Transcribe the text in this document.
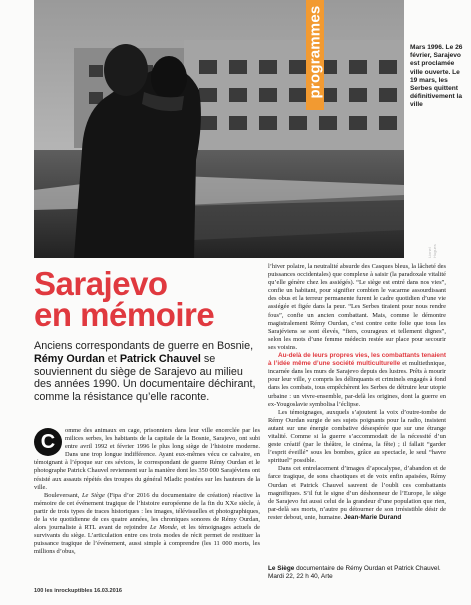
programmes
Lionel Hugues
Mars 1996. Le 26 février, Sarajevo est proclamée ville ouverte. Le 19 mars, les Serbes quittent définitivement la ville
Sarajevo
en mémoire
Anciens correspondants de guerre en Bosnie, Rémy Ourdan et Patrick Chauvel se souviennent du siège de Sarajevo au milieu des années 1990. Un documentaire déchirant, comme la résistance qu’elle raconte.
C

omme des animaux en cage, prisonniers dans leur ville encerclée par les milices serbes, les habitants de la capitale de la Bosnie, Sarajevo, ont subi entre avril 1992 et février 1996 le plus long siège de l’histoire moderne. Dans une trop longue indifférence. Ayant eux-mêmes vécu ce calvaire, en témoignant à l’époque sur ces sévices, le correspondant de guerre Rémy Ourdan et le photographe Patrick Chauvel reviennent sur la manière dont les 350 000 Sarajéviens ont résisté aux assauts répétés des troupes du général Mladic postées sur les hauteurs de la ville.

Bouleversant, Le Siège (Fipa d’or 2016 du documentaire de création) réactive la mémoire de cet événement tragique de l’histoire européenne de la fin du XXe siècle, à partir de trois types de traces historiques : les images, télévisuelles et photographiques, de la vie quotidienne de ces quatre années, les chroniques sonores de Rémy Ourdan, alors journaliste à RTL avant de rejoindre Le Monde, et les témoignages actuels de survivants du siège. L’articulation entre ces trois modes de récit permet de restituer la puissance tragique de l’événement, aussi simple à comprendre (les 11 000 morts, les millions d’obus,

l’hiver polaire, la neutralité absurde des Casques bleus, la lâcheté des puissances occidentales) que complexe à saisir (la paradoxale vitalité qu’elle génère chez les assiégés). “Le siège est entré dans nos vies”, confie un habitant, pour signifier combien le vacarme assourdissant des obus et la terreur permanente furent le cadre quotidien d’une vie assiégée et figée dans la peur. “Les Serbes tiraient pour nous rendre fous”, confie un ancien combattant. Mais, comme le démontre magistralement Rémy Ourdan, c’est contre cette folie que tous les Sarajéviens se sont élevés, “fiers, courageux et tellement dignes”, selon les mots d’une femme médecin restée sur place pour secourir ses voisins.

Au-delà de leurs propres vies, les combattants tenaient à l’idée même d’une société multiculturelle et multiethnique, incarnée dans les murs de Sarajevo depuis des lustres. Prêts à mourir pour leur ville, y compris les délinquants et criminels engagés à fond dans les combats, tous empêchèrent les Serbes de détruire leur utopie urbaine : un vivre-ensemble, par-delà les origines, dont la guerre en ex-Yougoslavie symbolisa l’éclipse.

Les témoignages, auxquels s’ajoutent la voix d’outre-tombe de Rémy Ourdan surgie de ses sujets poignants pour la radio, insistent autant sur une énergie combative désespérée que sur une étrange vitalité. Comme si la guerre s’accommodait de la nécessité d’un geste créatif (par le théâtre, le cinéma, la fête) ; il fallait “garder l’esprit éveillé” sous les bombes, grâce au spectacle, le seul “havre spirituel” possible.

Dans cet entrelacement d’images d’apocalypse, d’abandon et de farce tragique, de sons chaotiques et de voix enfin apaisées, Rémy Ourdan et Patrick Chauvel sauvent de l’oubli ces combattants magnifiques. S’il fut le signe d’un déshonneur de l’Europe, le siège de Sarajevo fut aussi celui de la grandeur d’une population que rien, par-delà ses morts, n’autre pu détourner de son irrésistible désir de rester debout, unie, humaine. Jean-Marie Durand

Le Siège documentaire de Rémy Ourdan et Patrick Chauvel.
Mardi 22, 22 h 40, Arte
100 les inrockuptibles 16.03.2016
